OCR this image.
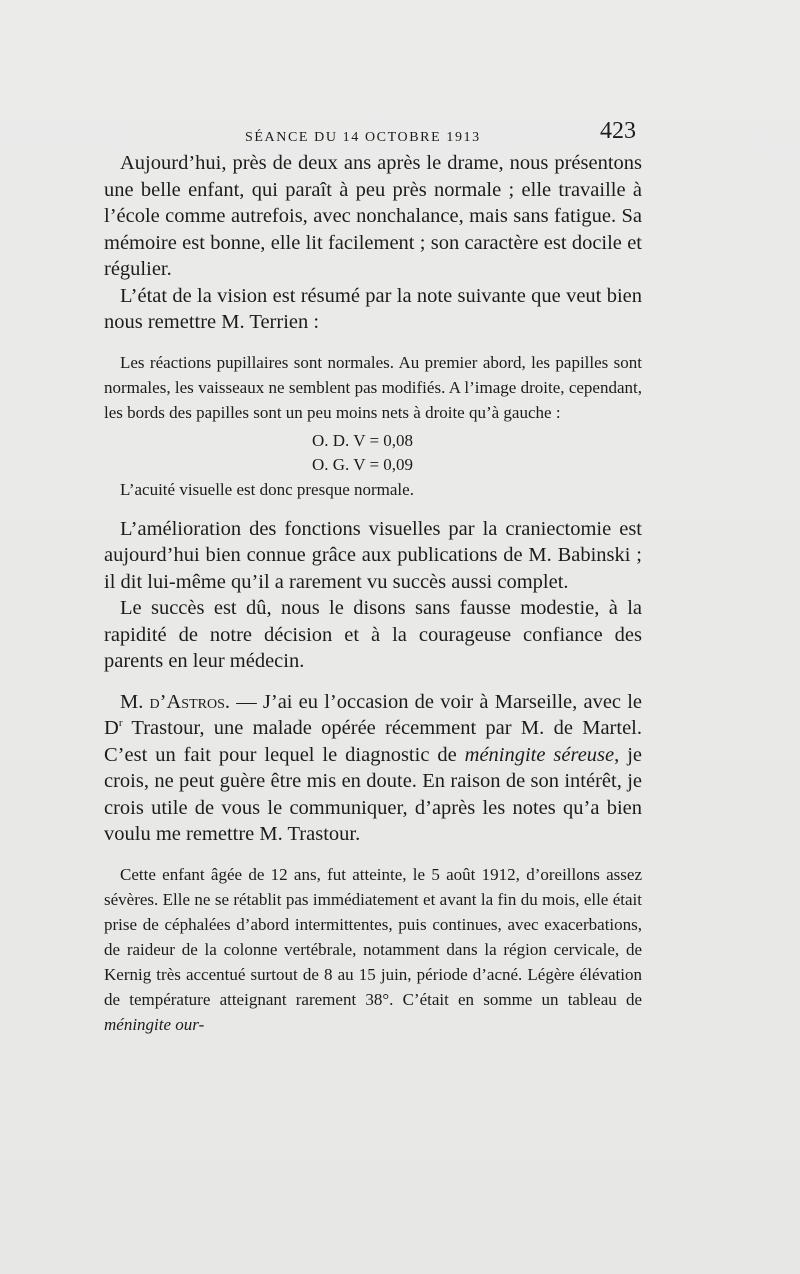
SÉANCE DU 14 OCTOBRE 1913	423

Aujourd’hui, près de deux ans après le drame, nous présentons une belle enfant, qui paraît à peu près normale ; elle travaille à l’école comme autrefois, avec nonchalance, mais sans fatigue. Sa mémoire est bonne, elle lit facilement ; son caractère est docile et régulier.

L’état de la vision est résumé par la note suivante que veut bien nous remettre M. Terrien :

Les réactions pupillaires sont normales. Au premier abord, les papilles sont normales, les vaisseaux ne semblent pas modifiés. A l’image droite, cependant, les bords des papilles sont un peu moins nets à droite qu’à gauche :

O. D. V = 0,08
O. G. V = 0,09

L’acuité visuelle est donc presque normale.

L’amélioration des fonctions visuelles par la craniectomie est aujourd’hui bien connue grâce aux publications de M. Babinski ; il dit lui-même qu’il a rarement vu succès aussi complet.

Le succès est dû, nous le disons sans fausse modestie, à la rapidité de notre décision et à la courageuse confiance des parents en leur médecin.

M. d’Astros. — J’ai eu l’occasion de voir à Marseille, avec le $D^r$ Trastour, une malade opérée récemment par M. de Martel. C’est un fait pour lequel le diagnostic de méningite séreuse, je crois, ne peut guère être mis en doute. En raison de son intérêt, je crois utile de vous le communiquer, d’après les notes qu’a bien voulu me remettre M. Trastour.

Cette enfant âgée de 12 ans, fut atteinte, le 5 août 1912, d’oreillons assez sévères. Elle ne se rétablit pas immédiatement et avant la fin du mois, elle était prise de céphalées d’abord intermittentes, puis continues, avec exacerbations, de raideur de la colonne vertébrale, notamment dans la région cervicale, de Kernig très accentué surtout de 8 au 15 juin, période d’acné. Légère élévation de température atteignant rarement 38°. C’était en somme un tableau de méningite our-
